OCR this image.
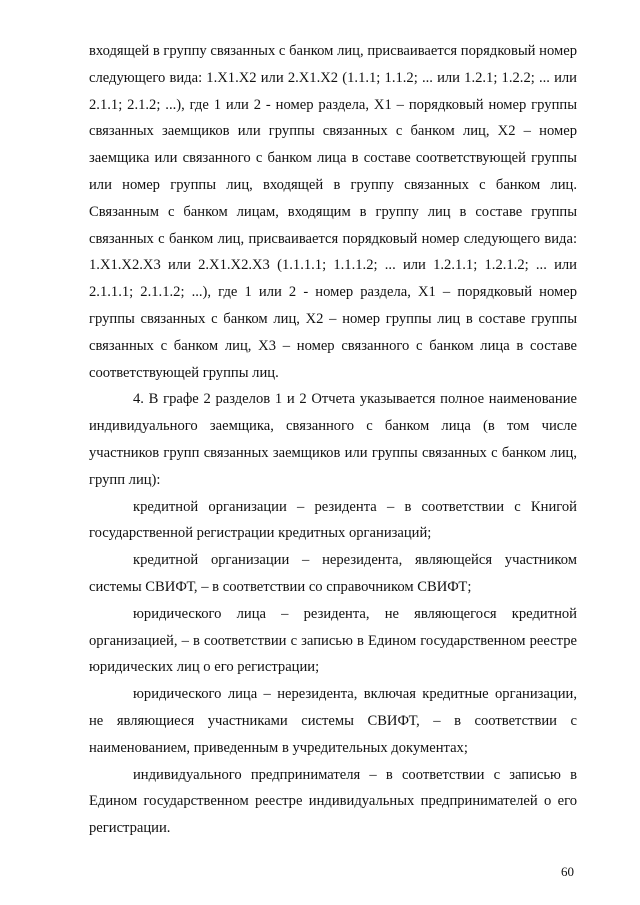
входящей в группу связанных с банком лиц, присваивается порядковый номер следующего вида: 1.Х1.Х2 или 2.Х1.Х2 (1.1.1; 1.1.2; ... или 1.2.1; 1.2.2; ... или 2.1.1; 2.1.2; ...), где 1 или 2 - номер раздела, Х1 – порядковый номер группы связанных заемщиков или группы связанных с банком лиц, Х2 – номер заемщика или связанного с банком лица в составе соответствующей группы или номер группы лиц, входящей в группу связанных с банком лиц. Связанным с банком лицам, входящим в группу лиц в составе группы связанных с банком лиц, присваивается порядковый номер следующего вида: 1.Х1.Х2.Х3 или 2.Х1.Х2.Х3 (1.1.1.1; 1.1.1.2; ... или 1.2.1.1; 1.2.1.2; ... или 2.1.1.1; 2.1.1.2; ...), где 1 или 2 - номер раздела, Х1 – порядковый номер группы связанных с банком лиц, Х2 – номер группы лиц в составе группы связанных с банком лиц, Х3 – номер связанного с банком лица в составе соответствующей группы лиц.

4. В графе 2 разделов 1 и 2 Отчета указывается полное наименование индивидуального заемщика, связанного с банком лица (в том числе участников групп связанных заемщиков или группы связанных с банком лиц, групп лиц):

кредитной организации – резидента – в соответствии с Книгой государственной регистрации кредитных организаций;

кредитной организации – нерезидента, являющейся участником системы СВИФТ, – в соответствии со справочником СВИФТ;

юридического лица – резидента, не являющегося кредитной организацией, – в соответствии с записью в Едином государственном реестре юридических лиц о его регистрации;

юридического лица – нерезидента, включая кредитные организации, не являющиеся участниками системы СВИФТ, – в соответствии с наименованием, приведенным в учредительных документах;

индивидуального предпринимателя – в соответствии с записью в Едином государственном реестре индивидуальных предпринимателей о его регистрации.

60
